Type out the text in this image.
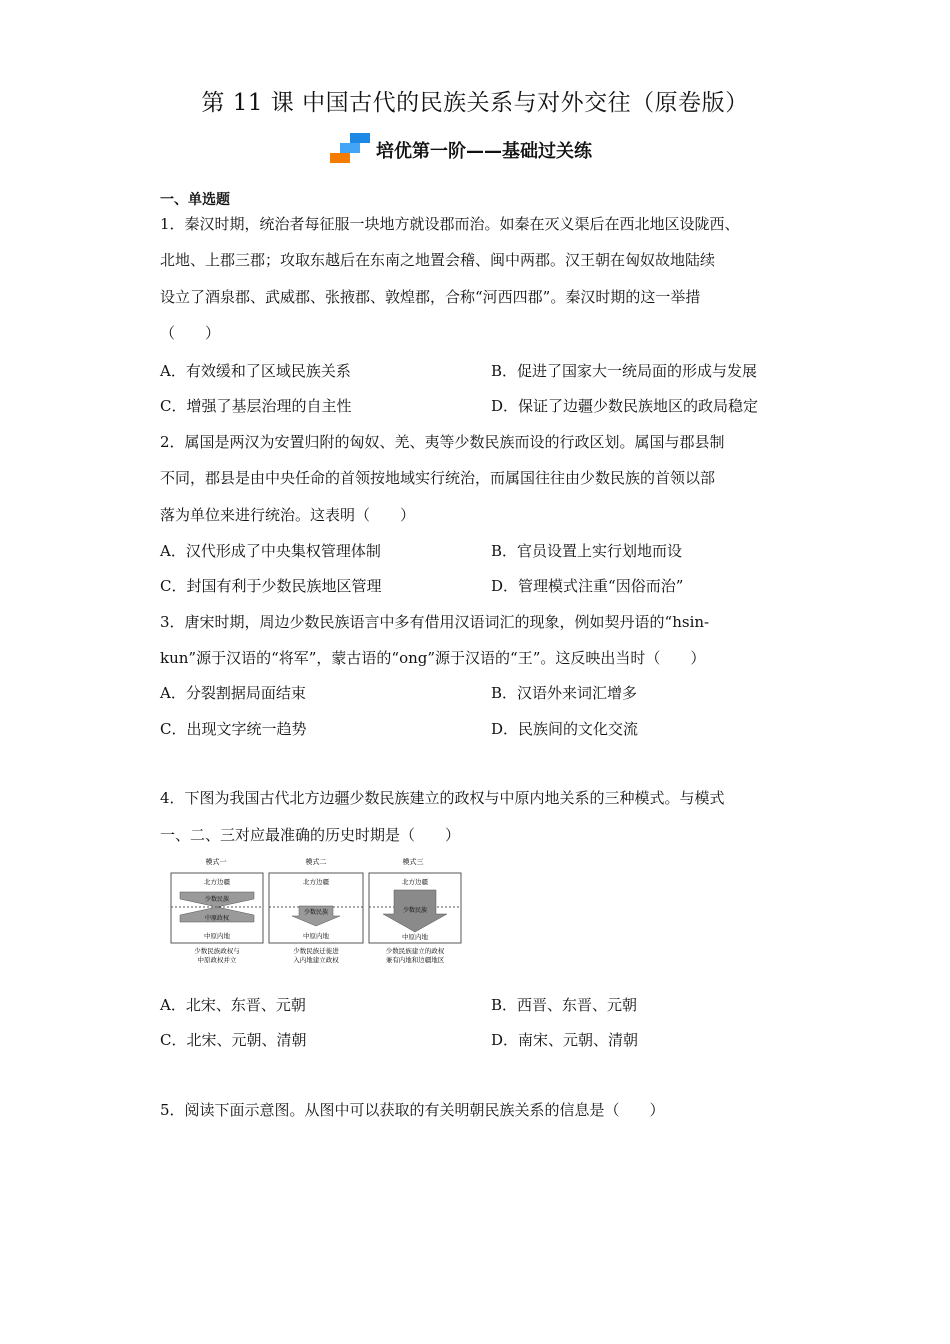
第 11 课 中国古代的民族关系与对外交往（原卷版）
培优第一阶——基础过关练
一、单选题
1．秦汉时期，统治者每征服一块地方就设郡而治。如秦在灭义渠后在西北地区设陇西、
北地、上郡三郡；攻取东越后在东南之地置会稽、闽中两郡。汉王朝在匈奴故地陆续
设立了酒泉郡、武威郡、张掖郡、敦煌郡，合称“河西四郡”。秦汉时期的这一举措
（　　）
A．有效缓和了区域民族关系	B．促进了国家大一统局面的形成与发展
C．增强了基层治理的自主性	D．保证了边疆少数民族地区的政局稳定
2．属国是两汉为安置归附的匈奴、羌、夷等少数民族而设的行政区划。属国与郡县制
不同，郡县是由中央任命的首领按地域实行统治，而属国往往由少数民族的首领以部
落为单位来进行统治。这表明（　　）
A．汉代形成了中央集权管理体制	B．官员设置上实行划地而设
C．封国有利于少数民族地区管理	D．管理模式注重“因俗而治”
3．唐宋时期，周边少数民族语言中多有借用汉语词汇的现象，例如契丹语的“hsin-
kun”源于汉语的“将军”，蒙古语的“ong”源于汉语的“王”。这反映出当时（　　）
A．分裂割据局面结束	B．汉语外来词汇增多
C．出现文字统一趋势	D．民族间的文化交流
4．下图为我国古代北方边疆少数民族建立的政权与中原内地关系的三种模式。与模式
一、二、三对应最准确的历史时期是（　　）
模式一	模式二	模式三
北方边疆
少数民族
中原政权
中原内地
北方边疆
少数民族
中原内地
北方边疆
少数民族
中原内地
少数民族政权与
中原政权并立
少数民族迁徙进
入内地建立政权
少数民族建立的政权
兼有内地和边疆地区
A．北宋、东晋、元朝	B．西晋、东晋、元朝
C．北宋、元朝、清朝	D．南宋、元朝、清朝
5．阅读下面示意图。从图中可以获取的有关明朝民族关系的信息是（　　）
